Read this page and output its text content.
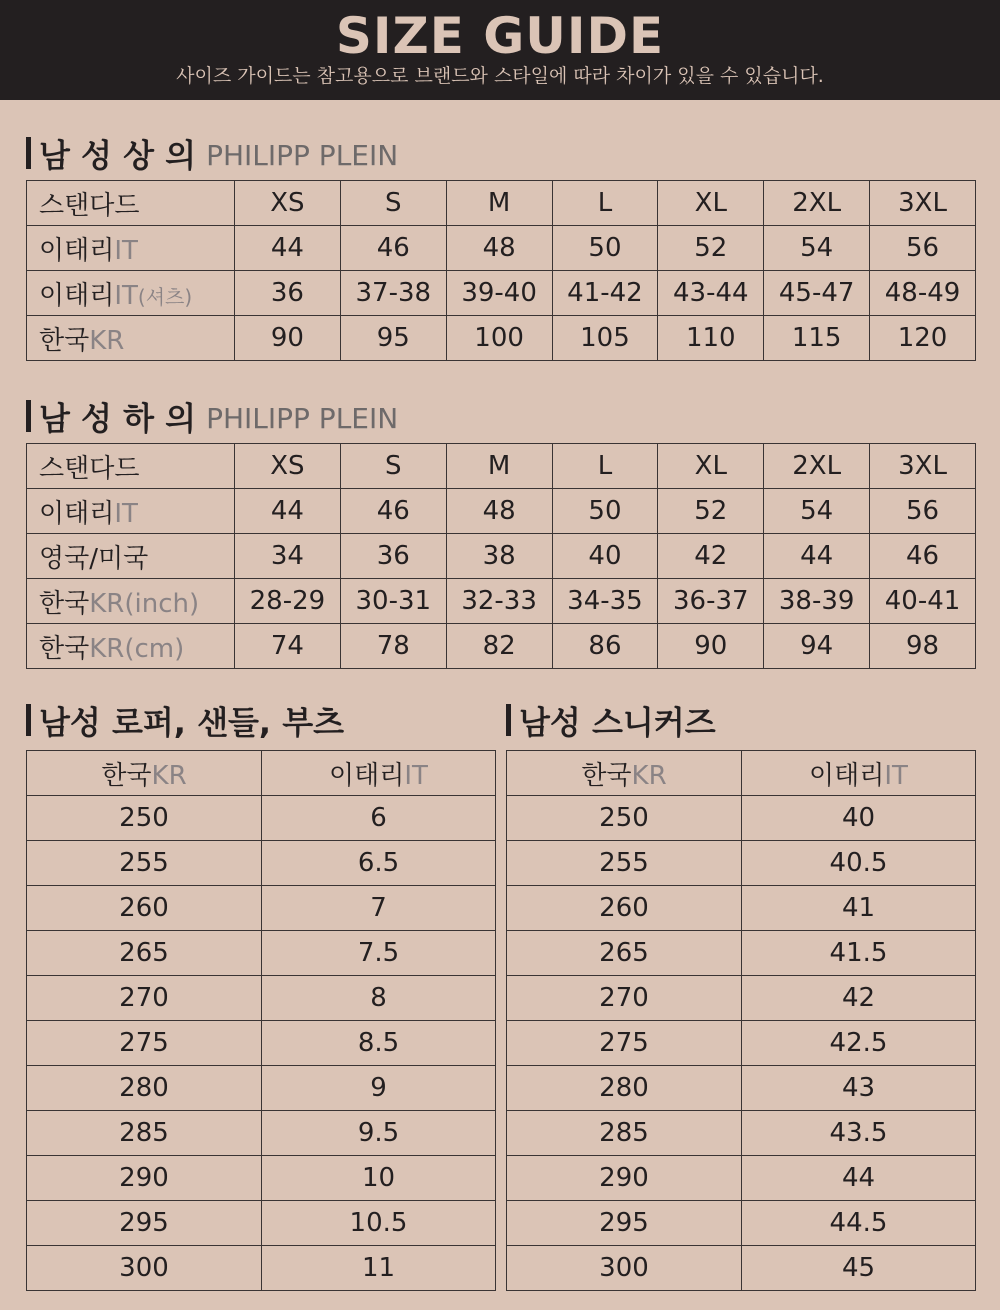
SIZE GUIDE
사이즈 가이드는 참고용으로 브랜드와 스타일에 따라 차이가 있을 수 있습니다.
남 성 상 의 PHILIPP PLEIN
스탠다드	XS	S	M	L	XL	2XL	3XL
이태리IT	44	46	48	50	52	54	56
이태리IT(셔츠)	36	37-38	39-40	41-42	43-44	45-47	48-49
한국KR	90	95	100	105	110	115	120
남 성 하 의 PHILIPP PLEIN
스탠다드	XS	S	M	L	XL	2XL	3XL
이태리IT	44	46	48	50	52	54	56
영국/미국	34	36	38	40	42	44	46
한국KR(inch)	28-29	30-31	32-33	34-35	36-37	38-39	40-41
한국KR(cm)	74	78	82	86	90	94	98
남성 로퍼, 샌들, 부츠
한국KR	이태리IT
250	6
255	6.5
260	7
265	7.5
270	8
275	8.5
280	9
285	9.5
290	10
295	10.5
300	11
남성 스니커즈
한국KR	이태리IT
250	40
255	40.5
260	41
265	41.5
270	42
275	42.5
280	43
285	43.5
290	44
295	44.5
300	45
